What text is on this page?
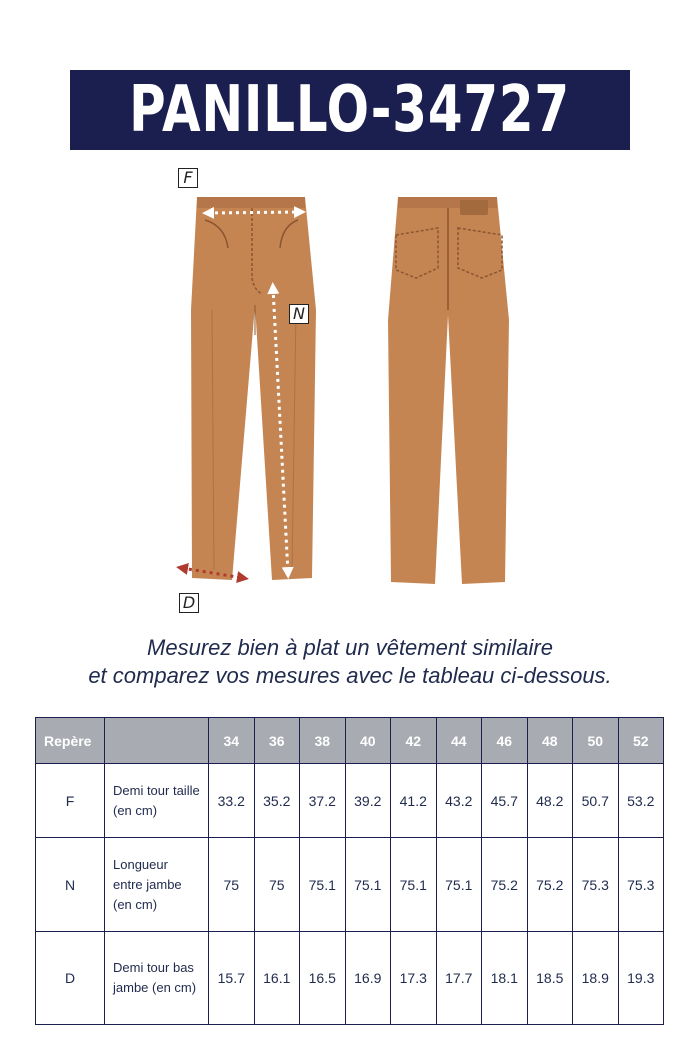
PANILLO-34727
F
N
D
Mesurez bien à plat un vêtement similaire
et comparez vos mesures avec le tableau ci-dessous.
Repère		34	36	38	40	42	44	46	48	50	52
F	Demi tour taille (en cm)	33.2	35.2	37.2	39.2	41.2	43.2	45.7	48.2	50.7	53.2
N	Longueur entre jambe (en cm)	75	75	75.1	75.1	75.1	75.1	75.2	75.2	75.3	75.3
D	Demi tour bas jambe (en cm)	15.7	16.1	16.5	16.9	17.3	17.7	18.1	18.5	18.9	19.3
